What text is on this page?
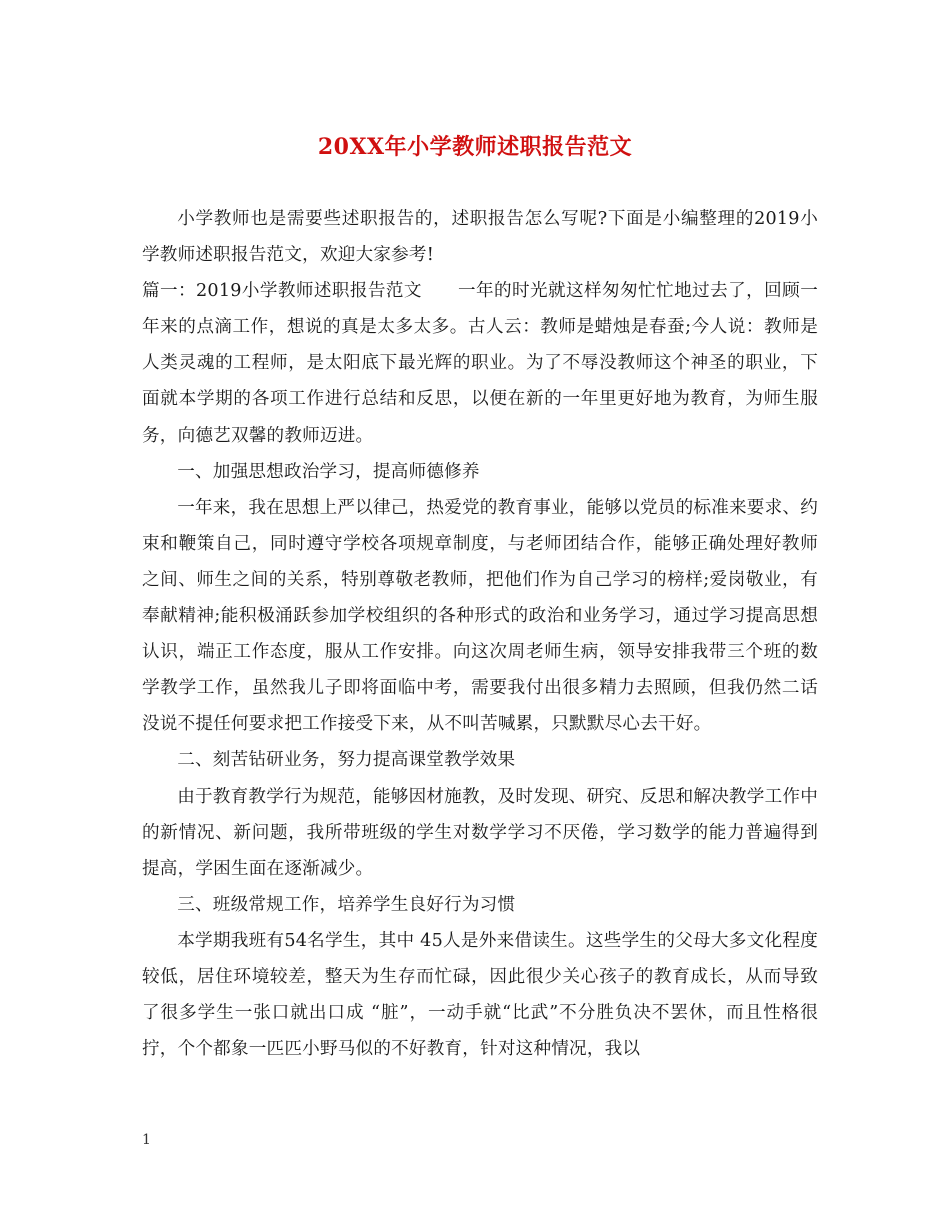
20XX年小学教师述职报告范文

小学教师也是需要些述职报告的，述职报告怎么写呢?下面是小编整理的2019小学教师述职报告范文，欢迎大家参考!

篇一：2019小学教师述职报告范文　　一年的时光就这样匆匆忙忙地过去了，回顾一年来的点滴工作，想说的真是太多太多。古人云：教师是蜡烛是春蚕;今人说：教师是人类灵魂的工程师，是太阳底下最光辉的职业。为了不辱没教师这个神圣的职业，下面就本学期的各项工作进行总结和反思，以便在新的一年里更好地为教育，为师生服务，向德艺双馨的教师迈进。

一、加强思想政治学习，提高师德修养

一年来，我在思想上严以律己，热爱党的教育事业，能够以党员的标准来要求、约束和鞭策自己，同时遵守学校各项规章制度，与老师团结合作，能够正确处理好教师之间、师生之间的关系，特别尊敬老教师，把他们作为自己学习的榜样;爱岗敬业，有奉献精神;能积极涌跃参加学校组织的各种形式的政治和业务学习，通过学习提高思想认识，端正工作态度，服从工作安排。向这次周老师生病，领导安排我带三个班的数学教学工作，虽然我儿子即将面临中考，需要我付出很多精力去照顾，但我仍然二话没说不提任何要求把工作接受下来，从不叫苦喊累，只默默尽心去干好。

二、刻苦钻研业务，努力提高课堂教学效果

由于教育教学行为规范，能够因材施教，及时发现、研究、反思和解决教学工作中的新情况、新问题，我所带班级的学生对数学学习不厌倦，学习数学的能力普遍得到提高，学困生面在逐渐减少。

三、班级常规工作，培养学生良好行为习惯

本学期我班有54名学生，其中 45人是外来借读生。这些学生的父母大多文化程度较低，居住环境较差，整天为生存而忙碌，因此很少关心孩子的教育成长，从而导致了很多学生一张口就出口成 “脏”，一动手就“比武”不分胜负决不罢休，而且性格很拧，个个都象一匹匹小野马似的不好教育，针对这种情况，我以

1
